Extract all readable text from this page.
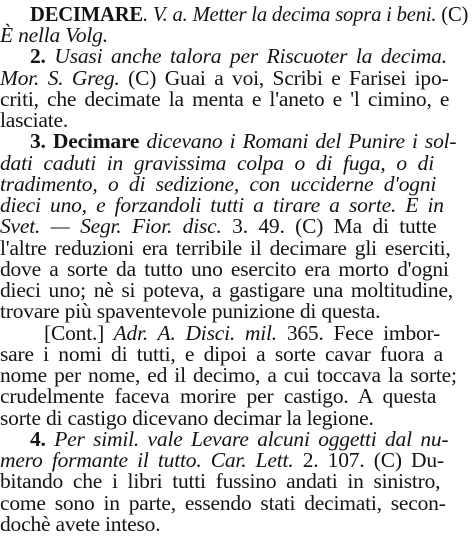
DECIMARE. V. a. Metter la decima sopra i beni. (C)
È nella Volg.
2. Usasi anche talora per Riscuoter la decima.
Mor. S. Greg. (C) Guai a voi, Scribi e Farisei ipo-
criti, che decimate la menta e l'aneto e 'l cimino, e
lasciate.
3. Decimare dicevano i Romani del Punire i sol-
dati caduti in gravissima colpa o di fuga, o di
tradimento, o di sedizione, con ucciderne d'ogni
dieci uno, e forzandoli tutti a tirare a sorte. E in
Svet. — Segr. Fior. disc. 3. 49. (C) Ma di tutte
l'altre reduzioni era terribile il decimare gli eserciti,
dove a sorte da tutto uno esercito era morto d'ogni
dieci uno; nè si poteva, a gastigare una moltitudine,
trovare più spaventevole punizione di questa.
[Cont.] Adr. A. Disci. mil. 365. Fece imbor-
sare i nomi di tutti, e dipoi a sorte cavar fuora a
nome per nome, ed il decimo, a cui toccava la sorte;
crudelmente faceva morire per castigo. A questa
sorte di castigo dicevano decimar la legione.
4. Per simil. vale Levare alcuni oggetti dal nu-
mero formante il tutto. Car. Lett. 2. 107. (C) Du-
bitando che i libri tutti fussino andati in sinistro,
come sono in parte, essendo stati decimati, secon-
dochè avete inteso.
